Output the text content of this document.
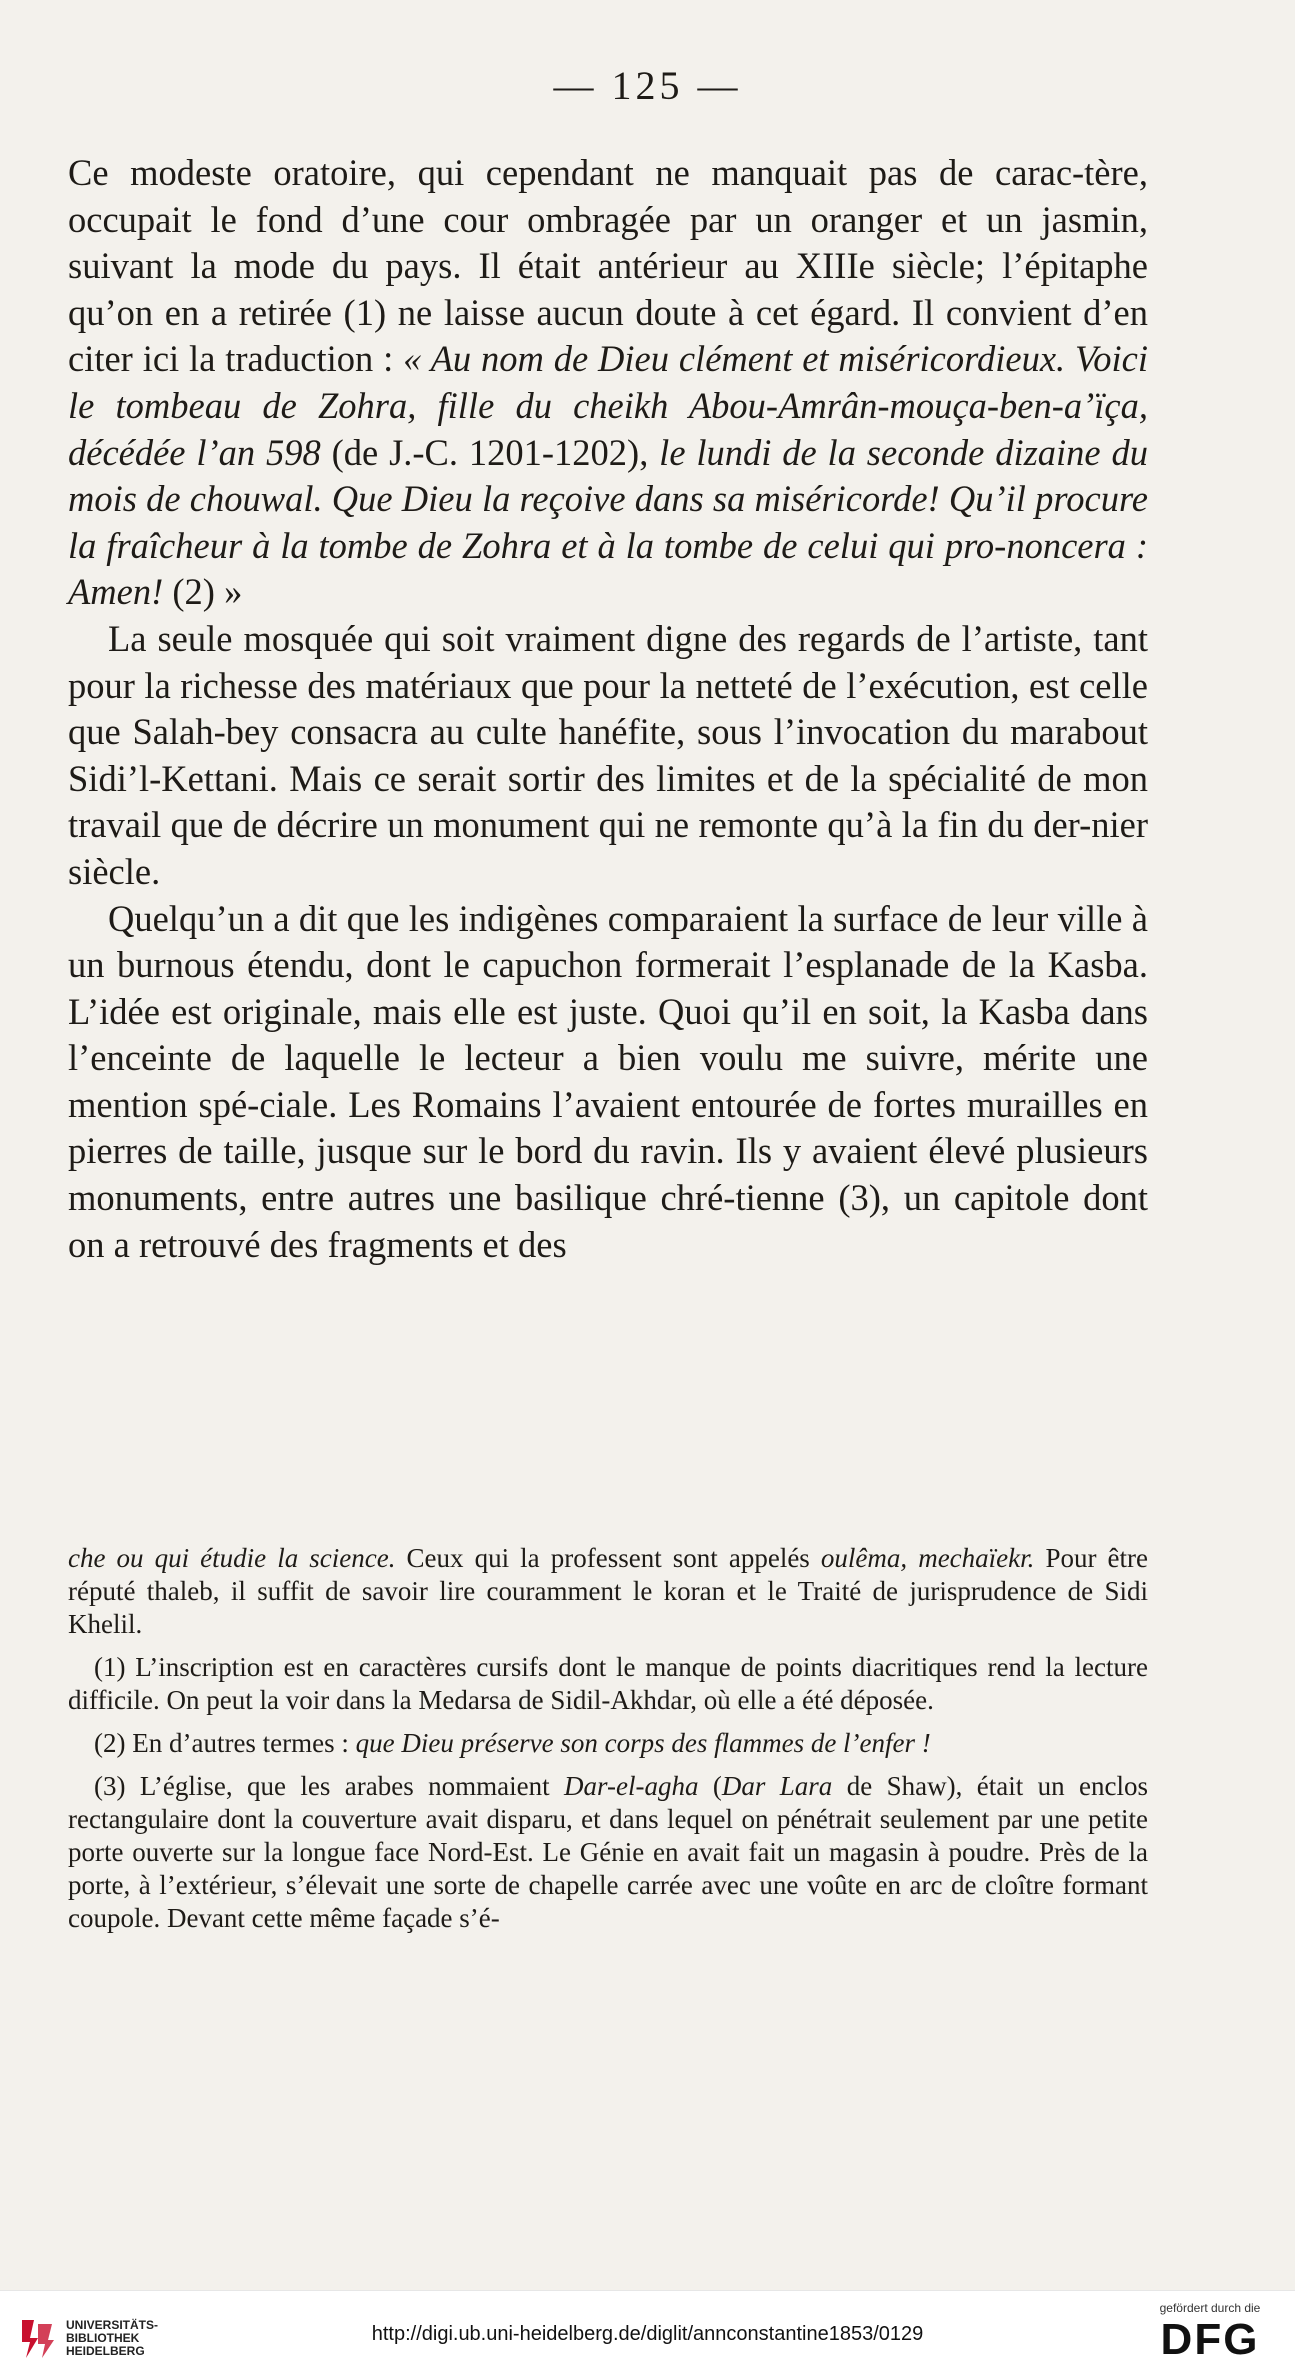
— 125 —

Ce modeste oratoire, qui cependant ne manquait pas de carac-tère, occupait le fond d’une cour ombragée par un oranger et un jasmin, suivant la mode du pays. Il était antérieur au XIIIe siècle; l’épitaphe qu’on en a retirée (1) ne laisse aucun doute à cet égard. Il convient d’en citer ici la traduction : « Au nom de Dieu clément et miséricordieux. Voici le tombeau de Zohra, fille du cheikh Abou-Amrân-mouça-ben-a’ïça, décédée l’an 598 (de J.-C. 1201-1202), le lundi de la seconde dizaine du mois de chouwal. Que Dieu la reçoive dans sa miséricorde! Qu’il procure la fraîcheur à la tombe de Zohra et à la tombe de celui qui pro-noncera : Amen! (2) »

La seule mosquée qui soit vraiment digne des regards de l’artiste, tant pour la richesse des matériaux que pour la netteté de l’exécution, est celle que Salah-bey consacra au culte hanéfite, sous l’invocation du marabout Sidi’l-Kettani. Mais ce serait sortir des limites et de la spécialité de mon travail que de décrire un monument qui ne remonte qu’à la fin du der-nier siècle.

Quelqu’un a dit que les indigènes comparaient la surface de leur ville à un burnous étendu, dont le capuchon formerait l’esplanade de la Kasba. L’idée est originale, mais elle est juste. Quoi qu’il en soit, la Kasba dans l’enceinte de laquelle le lecteur a bien voulu me suivre, mérite une mention spé-ciale. Les Romains l’avaient entourée de fortes murailles en pierres de taille, jusque sur le bord du ravin. Ils y avaient élevé plusieurs monuments, entre autres une basilique chré-tienne (3), un capitole dont on a retrouvé des fragments et des

che ou qui étudie la science. Ceux qui la professent sont appelés oulêma, mechaïekr. Pour être réputé thaleb, il suffit de savoir lire couramment le koran et le Traité de jurisprudence de Sidi Khelil.

(1) L’inscription est en caractères cursifs dont le manque de points diacritiques rend la lecture difficile. On peut la voir dans la Medarsa de Sidil-Akhdar, où elle a été déposée.

(2) En d’autres termes : que Dieu préserve son corps des flammes de l’enfer !

(3) L’église, que les arabes nommaient Dar-el-agha (Dar Lara de Shaw), était un enclos rectangulaire dont la couverture avait disparu, et dans lequel on pénétrait seulement par une petite porte ouverte sur la longue face Nord-Est. Le Génie en avait fait un magasin à poudre. Près de la porte, à l’extérieur, s’élevait une sorte de chapelle carrée avec une voûte en arc de cloître formant coupole. Devant cette même façade s’é-

UNIVERSITÄTS-
BIBLIOTHEK
HEIDELBERG
http://digi.ub.uni-heidelberg.de/diglit/annconstantine1853/0129
gefördert durch die
DFG
